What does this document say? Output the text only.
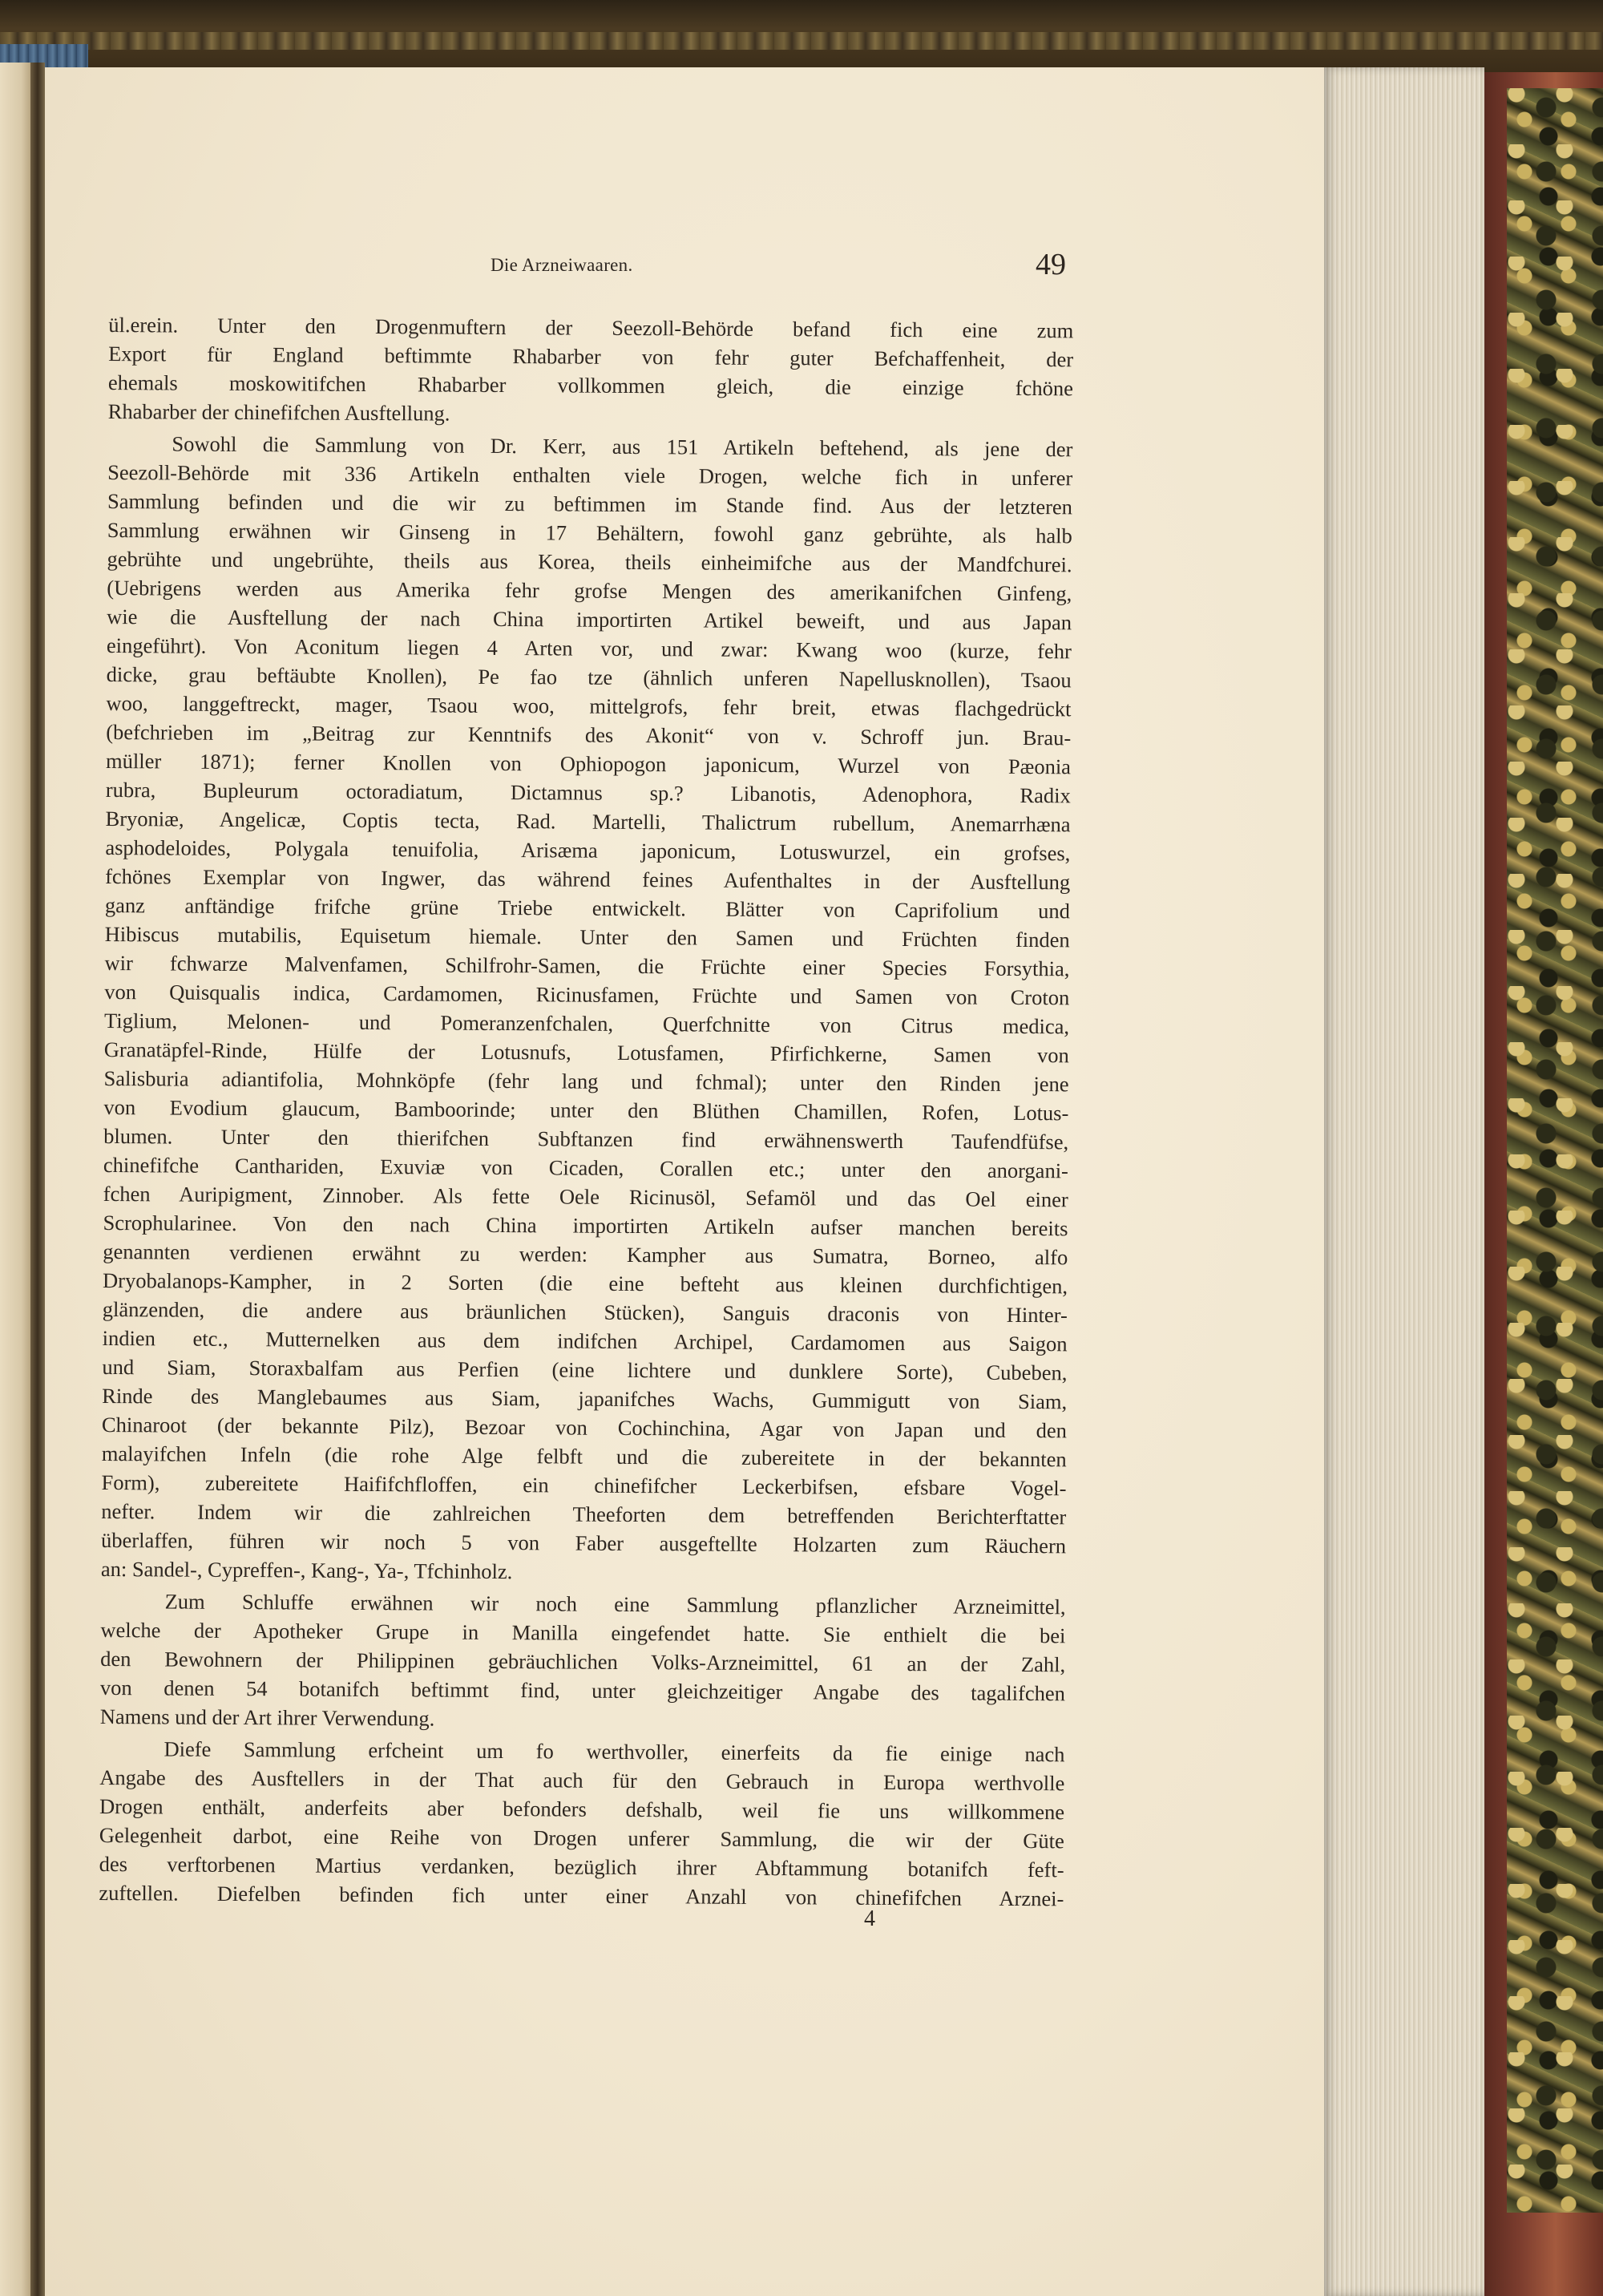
Die Arzneiwaaren.	49
ül.erein. Unter den Drogenmuftern der Seezoll-Behörde befand fich eine zum
Export für England beftimmte Rhabarber von fehr guter Befchaffenheit, der
ehemals moskowitifchen Rhabarber vollkommen gleich, die einzige fchöne
Rhabarber der chinefifchen Ausftellung.
Sowohl die Sammlung von Dr. Kerr, aus 151 Artikeln beftehend, als jene der
Seezoll-Behörde mit 336 Artikeln enthalten viele Drogen, welche fich in unferer
Sammlung befinden und die wir zu beftimmen im Stande find. Aus der letzteren
Sammlung erwähnen wir Ginseng in 17 Behältern, fowohl ganz gebrühte, als halb
gebrühte und ungebrühte, theils aus Korea, theils einheimifche aus der Mandfchurei.
(Uebrigens werden aus Amerika fehr grofse Mengen des amerikanifchen Ginfeng,
wie die Ausftellung der nach China importirten Artikel beweift, und aus Japan
eingeführt). Von Aconitum liegen 4 Arten vor, und zwar: Kwang woo (kurze, fehr
dicke, grau beftäubte Knollen), Pe fao tze (ähnlich unferen Napellusknollen), Tsaou
woo, langgeftreckt, mager, Tsaou woo, mittelgrofs, fehr breit, etwas flachgedrückt
(befchrieben im „Beitrag zur Kenntnifs des Akonit“ von v. Schroff jun. Brau-
müller 1871); ferner Knollen von Ophiopogon japonicum, Wurzel von Pæonia
rubra, Bupleurum octoradiatum, Dictamnus sp.? Libanotis, Adenophora, Radix
Bryoniæ, Angelicæ, Coptis tecta, Rad. Martelli, Thalictrum rubellum, Anemarrhæna
asphodeloides, Polygala tenuifolia, Arisæma japonicum, Lotuswurzel, ein grofses,
fchönes Exemplar von Ingwer, das während feines Aufenthaltes in der Ausftellung
ganz anftändige frifche grüne Triebe entwickelt. Blätter von Caprifolium und
Hibiscus mutabilis, Equisetum hiemale. Unter den Samen und Früchten finden
wir fchwarze Malvenfamen, Schilfrohr-Samen, die Früchte einer Species Forsythia,
von Quisqualis indica, Cardamomen, Ricinusfamen, Früchte und Samen von Croton
Tiglium, Melonen- und Pomeranzenfchalen, Querfchnitte von Citrus medica,
Granatäpfel-Rinde, Hülfe der Lotusnufs, Lotusfamen, Pfirfichkerne, Samen von
Salisburia adiantifolia, Mohnköpfe (fehr lang und fchmal); unter den Rinden jene
von Evodium glaucum, Bamboorinde; unter den Blüthen Chamillen, Rofen, Lotus-
blumen. Unter den thierifchen Subftanzen find erwähnenswerth Taufendfüfse,
chinefifche Canthariden, Exuviæ von Cicaden, Corallen etc.; unter den anorgani-
fchen Auripigment, Zinnober. Als fette Oele Ricinusöl, Sefamöl und das Oel einer
Scrophularinee. Von den nach China importirten Artikeln aufser manchen bereits
genannten verdienen erwähnt zu werden: Kampher aus Sumatra, Borneo, alfo
Dryobalanops-Kampher, in 2 Sorten (die eine befteht aus kleinen durchfichtigen,
glänzenden, die andere aus bräunlichen Stücken), Sanguis draconis von Hinter-
indien etc., Mutternelken aus dem indifchen Archipel, Cardamomen aus Saigon
und Siam, Storaxbalfam aus Perfien (eine lichtere und dunklere Sorte), Cubeben,
Rinde des Manglebaumes aus Siam, japanifches Wachs, Gummigutt von Siam,
Chinaroot (der bekannte Pilz), Bezoar von Cochinchina, Agar von Japan und den
malayifchen Infeln (die rohe Alge felbft und die zubereitete in der bekannten
Form), zubereitete Haififchfloffen, ein chinefifcher Leckerbifsen, efsbare Vogel-
nefter. Indem wir die zahlreichen Theeforten dem betreffenden Berichterftatter
überlaffen, führen wir noch 5 von Faber ausgeftellte Holzarten zum Räuchern
an: Sandel-, Cypreffen-, Kang-, Ya-, Tfchinholz.
Zum Schluffe erwähnen wir noch eine Sammlung pflanzlicher Arzneimittel,
welche der Apotheker Grupe in Manilla eingefendet hatte. Sie enthielt die bei
den Bewohnern der Philippinen gebräuchlichen Volks-Arzneimittel, 61 an der Zahl,
von denen 54 botanifch beftimmt find, unter gleichzeitiger Angabe des tagalifchen
Namens und der Art ihrer Verwendung.
Diefe Sammlung erfcheint um fo werthvoller, einerfeits da fie einige nach
Angabe des Ausftellers in der That auch für den Gebrauch in Europa werthvolle
Drogen enthält, anderfeits aber befonders defshalb, weil fie uns willkommene
Gelegenheit darbot, eine Reihe von Drogen unferer Sammlung, die wir der Güte
des verftorbenen Martius verdanken, bezüglich ihrer Abftammung botanifch feft-
zuftellen. Diefelben befinden fich unter einer Anzahl von chinefifchen Arznei-
4
